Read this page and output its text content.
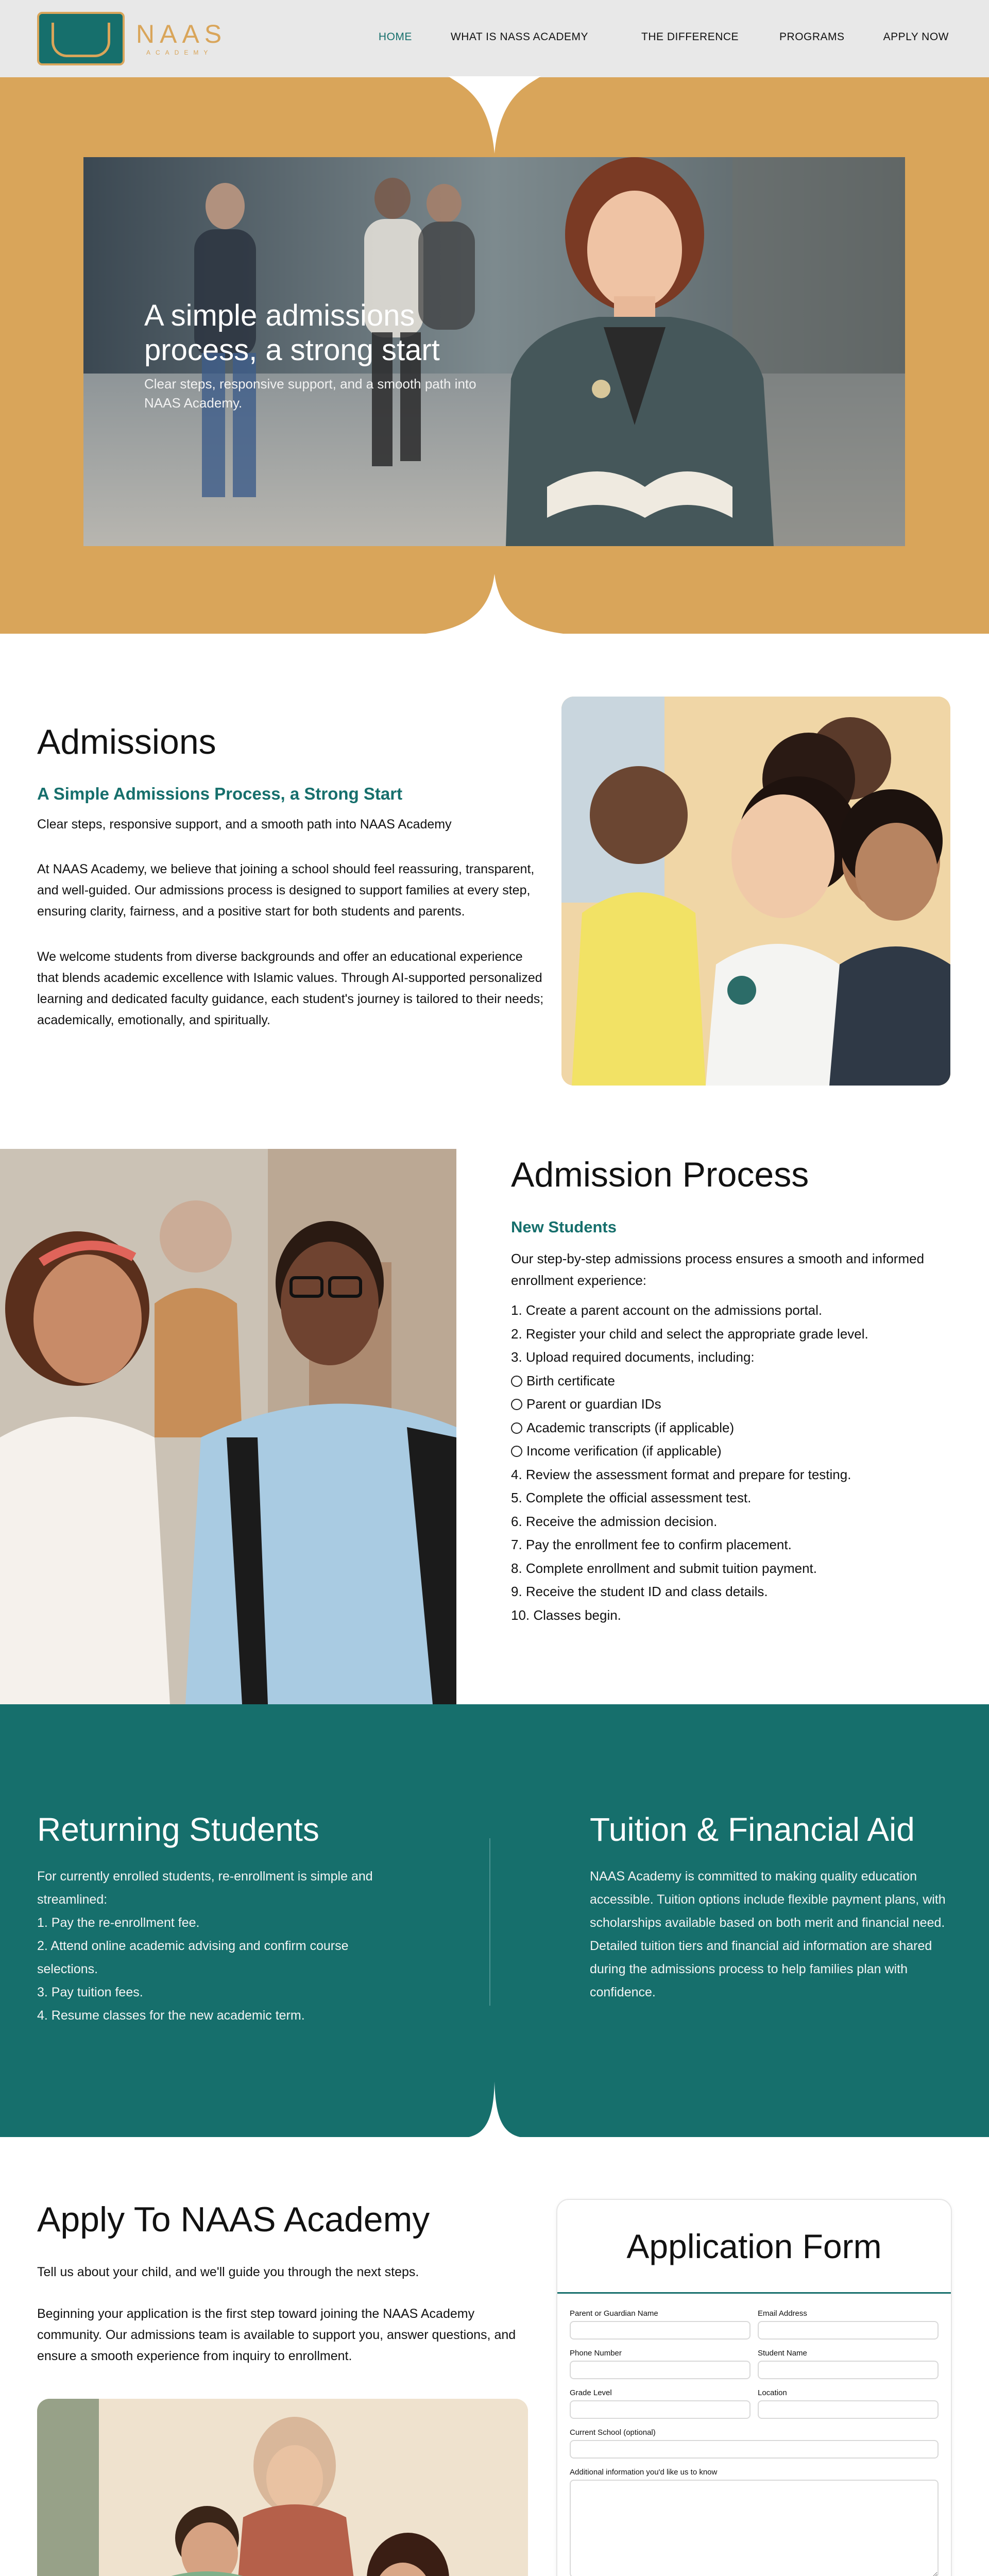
NAAS
ACADEMY
HOME	WHAT IS NASS ACADEMY	THE DIFFERENCE	PROGRAMS	APPLY NOW
A simple admissions process, a strong start

Clear steps, responsive support, and a smooth path into NAAS Academy.

Admissions
A Simple Admissions Process, a Strong Start

Clear steps, responsive support, and a smooth path into NAAS Academy

At NAAS Academy, we believe that joining a school should feel reassuring, transparent, and well-guided. Our admissions process is designed to support families at every step, ensuring clarity, fairness, and a positive start for both students and parents.

We welcome students from diverse backgrounds and offer an educational experience that blends academic excellence with Islamic values. Through AI-supported personalized learning and dedicated faculty guidance, each student's journey is tailored to their needs; academically, emotionally, and spiritually.

Admission Process
New Students

Our step-by-step admissions process ensures a smooth and informed enrollment experience:

1. Create a parent account on the admissions portal.
2. Register your child and select the appropriate grade level.
3. Upload required documents, including:
Birth certificate
Parent or guardian IDs
Academic transcripts (if applicable)
Income verification (if applicable)
4. Review the assessment format and prepare for testing.
5. Complete the official assessment test.
6. Receive the admission decision.
7. Pay the enrollment fee to confirm placement.
8. Complete enrollment and submit tuition payment.
9. Receive the student ID and class details.
10. Classes begin.
Returning Students

For currently enrolled students, re-enrollment is simple and streamlined:

1. Pay the re-enrollment fee.

2. Attend online academic advising and confirm course selections.

3. Pay tuition fees.

4. Resume classes for the new academic term.

Tuition & Financial Aid

NAAS Academy is committed to making quality education accessible. Tuition options include flexible payment plans, with scholarships available based on both merit and financial need. Detailed tuition tiers and financial aid information are shared during the admissions process to help families plan with confidence.

Apply To NAAS Academy

Tell us about your child, and we'll guide you through the next steps.

Beginning your application is the first step toward joining the NAAS Academy community. Our admissions team is available to support you, answer questions, and ensure a smooth experience from inquiry to enrollment.

Application Form
Parent or Guardian Name	Email Address
Phone Number	Student Name
Grade Level	Location
Current School (optional)
Additional information you'd like us to know
